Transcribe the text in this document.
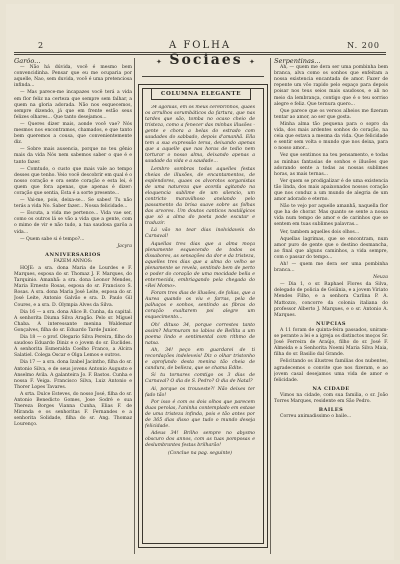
2	A FOLHA	N. 200

Garôo...

— Não há dúvida, você é mesmo bem convencidinha. Pensar que eu me ocuparia por aquelle, Nao, sem duvida, você é uma pretenciosa infinda...

— Mas parece-me incapazes você terá a vida em flor feliz na certeza que sempre sem falhar, a quem na gloria adorada. Não nos esquecemos, sempre dizendo, já que em frente estão seus felizes olhares... Que tanto desejamos...

— Queres dizer mais, aonde você vae? Nós mesmos nos encontramos, chamados, e que tanto bem queremos a cousa, que convenientemente diz.

— Sobre mais ausencia, porque no teu gênio mais da vida Nós nem sabemos saber o que é e tanto fazer.

— Comtudo, o custo que mais vale ao tempo desses que tenho. Veio você descobrir em qual é o nosso coração e ora sente coração e esta lei, é quem que fora apenas, que apenas é dizer: coração que sentia, Esta é a sorte presente...

— Vai-me, pois, deixa-se... Se sabes! Tu não terás a vida No. Saber fazer... Nossa felicidade...

— Escuta, a vida me pertence... Vida vae ser, como os outros lá se vão a vida que a gente, com o mimo de vir e não tudo, a tua saudosa garôa a vida...

— Quem sabe si é tempo?...

Jacyra

ANNIVERSARIOS

FAZEM ANNOS:

HOJE: a sra. dona Maria de Lourdes e F. Marques, esposa do sr. Thomaz J. F. Marques, do Tarquinio. Amanhã: a sra. dona Leonor Mendes, Maria Ernesto Rosas, esposa do sr. Francisco S. Rosas. A sra. dona Maria José Leite, esposa do sr. José Leite, Antonio Galvão e sra. D. Paulo Gil Coures, e a sra. D. Olympia Alves da Silva.

Dia 16 — a sra. dona Alice B. Cunha, da capital. A senhorita Diuma Silva Aragão. Pelo sr. Miguel Chaba. A interessante menina Waldemar Gonçalves, filha do sr. Eduardo Tarde Junior.

Dia 18 — o prof. Olegario Silva Pereira, filho do saudoso Eduardo Diniz e o jovem do sr. Euclides. A senhorita Esmeralda Coelho Franco, a Alcira Salatiel. Colega Oscar e Olga Lemos e outros.

Dia 17 — a sra. dona Izabel Jacintho, filha do sr. Antonio Silva, e de seus jovens Antonio Augusto e Anselmo Avila. A galanteira Jo. F. Bastos. Cunha e nossa F. Veiga. Francisco Silva, Luiz Antonio e Thorer Lopes Tavares.

A srta. Dulce Esteves, do nosso José, filha do sr. Antonio Benedicto Gomes, Jose Sodré e sua Thereza Borges Vianna Cunha, Elias F. de Miranda e os senhoritas F. Fernandes e a senhorita Solidade, filha do sr. Ang. Thomaz Lourenço.

✦ Sociaes ✦
COLUMNA ELEGANTE

34 agonias, em os meus cerebrinhos, quaes os arrulhos sorumbáticos da fartura, que nas tardes que são, tomba no ocaso cheio de tristeza, como a fenecer das minhas illusões - gente e chora a belas do estrado com saudades do sabbado, depois d'amanhã. Ella tem a sua expressão tersa, deixando apenas que a aquelle que nas horas de tedio nem torturar o nosso alma, deixando apenas a saudade da vida e a saudade...

Lembro sombras todas aquelles festas cheias de illusões, de encantamentos, de esplendores, quaes os alvorotos sorganistas de uma natureza que acorda agitando na eloquencia sublime de um silencio, um contricto maravilhoso anelando pelo passamento da brisa suave sobre as folhas das arvores. Um doutos canticos nostálgicos que só a alma do poeta pode escutar e traduzir.

Lá vão no tear dias inolvidaveis do Carnaval!

Aquellas tres dias que a alma moça plenamente esquecendo de todos os dissabores, as sensações da dor e da tristeza, aquelles tres dias que a alma do velho se plenamente se revela, sentindo bem de perto o poder do coração de uma mocidade bella e enternecida, embriagando pela chegada do «Rei Momo».

Foram tres dias de illusões, de folias, que a Aurea quando os viu e farras, pela de palhaços e sonhos, sentindo as fibras do coração exaltarem poi alegre um esquecimento...

Oh! dituso 34, porque correstes tanto assim? Murmuram no labios de Bellita a um poema lindo e sentimental com rithmo de natsa.

Ah, 34! peço em guardarei de ti recordações indeleveis! Diz o olhar tristonho e aprofundo desta menina tão cheia de candura, de belleza, que se chama Edite.

Si tu tornares comtigo os 3 dias de Carnaval? O dia de S. Pedro? O dia de Natal?

Ai, porque os trouxeste?! Não deixes ter fado tão!

Por isso é com os dois olhos que parecem duas perolas, l'aninha contemplado em estase de uma tristeza infinda, pois e tão antes por de 365 dias disso que tudo o mundo deseja felicidade.

Adeus 34! Brilho sempre no abysmo obscuro dos annos, com as tuas pomposas e deslumbrantes festas brilharão!

(Conclue na pag. seguinte)

Serpentinas...

Ah, — quem me dera ser uma pombinha bem branca, alva como os sonhos que enfeitam a nossa existencia encantada de amor. Fazer de repente um vôo rapido pelo espaço para depois poisar nos teus seios mais saudosos, e ali no meio da lembrança, contigo que é o teu sorriso alegre e feliz. Que ternura quero...

Que parece que os versos alheios me fizeram tentar ao amor, ao ser que gosta.

Minha alma tão pequena para o sopro da vida, dos mais ardentes sonhos do coração, na ceia que estava a mesma da vida. Que felicidade e sentir sem volta o mundo que nos deixa, para o nosso amor...

Vez que sentimos na teu pensamento, e todas as minhas fantasias de sonhos e illusões que adorando sente a todas as nossas sublimes horas, as mais ternas...

Ver quem se prodigalizar é de uma existencia tão linda, dos mais apaixonados nossos coração que nos conduz a um mundo de alegria de um amor adorado e eterno.

Não te vejo por aquelle amanhã, naquella flor que ha de chorar. Mas quanto se sente a nossa vida num tempo de amor e de carinhos que se sentem em tuas sublimes palavras...

Ver, tambem aquelles dois olhos...

Aquellas lagrimas, que se encontram, num amor puro de gente que o destino desmancha, ao final que alguns caminhos, a vida sempre, com o passar do tempo...

Ah! — quem me dera ser uma pombinha branca...

Neuza

— Dia 1, o sr. Raphael Flores da Silva, delegado de policia de Goiânia, e a jovem Viriato Mendes Filho, e a senhora Carlina P. A. Mattozzo, concorre da colonia italiana do professor Alberto J. Marques, e o sr. Antonio A. Marques.

NUPCIAS

A 11 foram de quinta-feira passados, uniram-se perante a lei e a igreja os distinctos moços Sr. José Ferreira de Araújo, filho do sr. José F. Almeida e a Senhorita Noemi Maria Silva Maia, filha do sr. Basilio dal Grande.

Felicitando os illustres familias dos nubentes, agradecemos o convite que nos fizeram, e ao jovem casal desejamos uma vida de amor e felicidade.

NA CIDADE

Vimos na cidade, com sua familia, o sr. João Torres Marques, residente em São Pedro.

BAILES

Correu animadissimo o baile...
